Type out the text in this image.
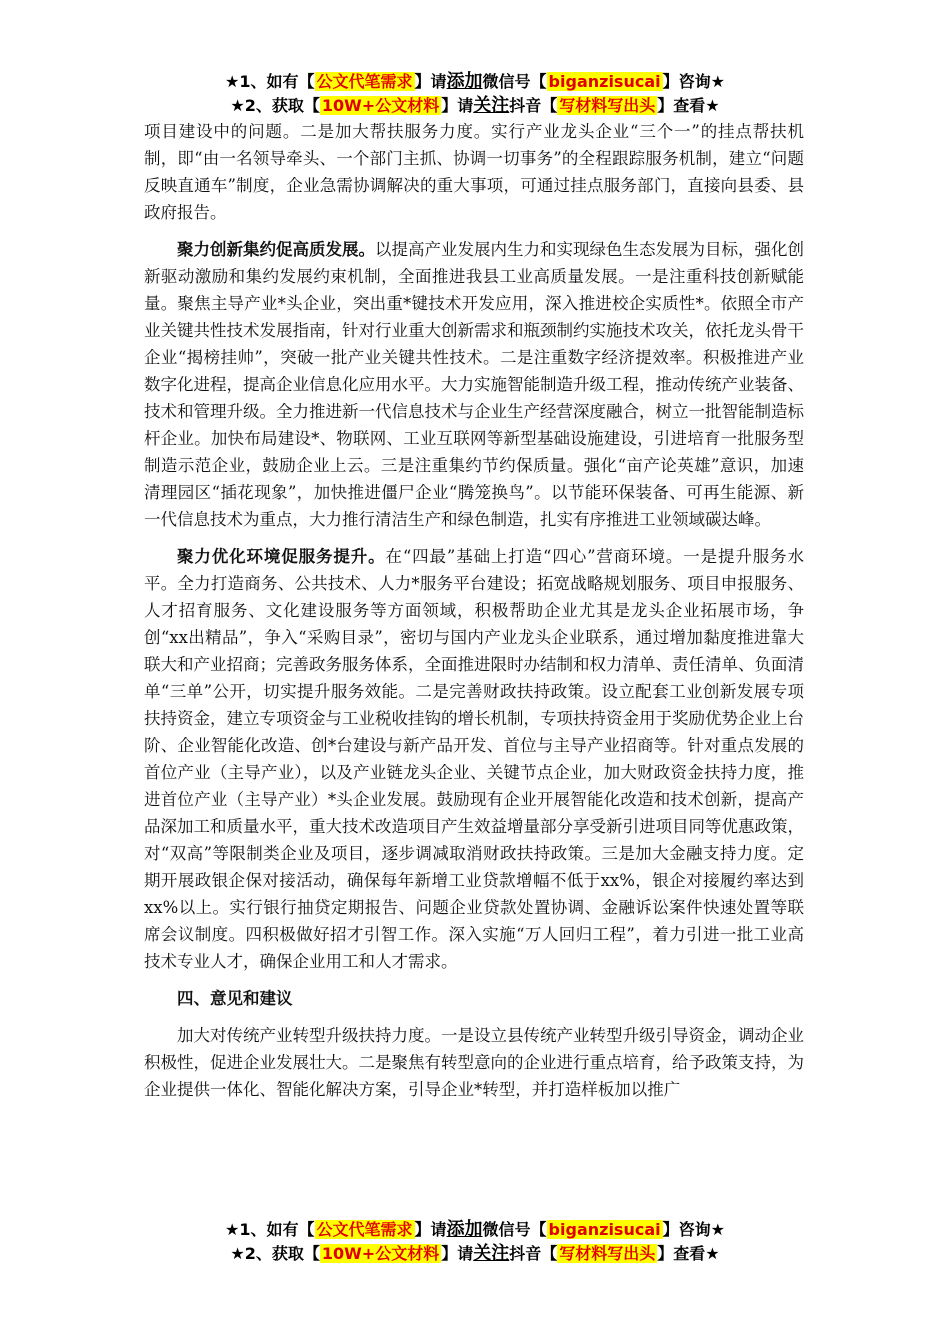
★1、如有【 公文代笔需求 】请添加微信号【 biganzisucai 】咨询★
★2、获取【 10W+公文材料 】请关注抖音【 写材料写出头 】查看★

项目建设中的问题。二是加大帮扶服务力度。实行产业龙头企业“三个一”的挂点帮扶机制，即“由一名领导牵头、一个部门主抓、协调一切事务”的全程跟踪服务机制，建立“问题反映直通车”制度，企业急需协调解决的重大事项，可通过挂点服务部门，直接向县委、县政府报告。

聚力创新集约促高质发展。以提高产业发展内生力和实现绿色生态发展为目标，强化创新驱动激励和集约发展约束机制，全面推进我县工业高质量发展。一是注重科技创新赋能量。聚焦主导产业*头企业，突出重*键技术开发应用，深入推进校企实质性*。依照全市产业关键共性技术发展指南，针对行业重大创新需求和瓶颈制约实施技术攻关，依托龙头骨干企业“揭榜挂帅”，突破一批产业关键共性技术。二是注重数字经济提效率。积极推进产业数字化进程，提高企业信息化应用水平。大力实施智能制造升级工程，推动传统产业装备、技术和管理升级。全力推进新一代信息技术与企业生产经营深度融合，树立一批智能制造标杆企业。加快布局建设*、物联网、工业互联网等新型基础设施建设，引进培育一批服务型制造示范企业，鼓励企业上云。三是注重集约节约保质量。强化“亩产论英雄”意识，加速清理园区“插花现象”，加快推进僵尸企业“腾笼换鸟”。以节能环保装备、可再生能源、新一代信息技术为重点，大力推行清洁生产和绿色制造，扎实有序推进工业领域碳达峰。

聚力优化环境促服务提升。在“四最”基础上打造“四心”营商环境。一是提升服务水平。全力打造商务、公共技术、人力*服务平台建设；拓宽战略规划服务、项目申报服务、人才招育服务、文化建设服务等方面领域，积极帮助企业尤其是龙头企业拓展市场，争创“xx出精品”，争入“采购目录”，密切与国内产业龙头企业联系，通过增加黏度推进靠大联大和产业招商；完善政务服务体系，全面推进限时办结制和权力清单、责任清单、负面清单“三单”公开，切实提升服务效能。二是完善财政扶持政策。设立配套工业创新发展专项扶持资金，建立专项资金与工业税收挂钩的增长机制，专项扶持资金用于奖励优势企业上台阶、企业智能化改造、创*台建设与新产品开发、首位与主导产业招商等。针对重点发展的首位产业（主导产业），以及产业链龙头企业、关键节点企业，加大财政资金扶持力度，推进首位产业（主导产业）*头企业发展。鼓励现有企业开展智能化改造和技术创新，提高产品深加工和质量水平，重大技术改造项目产生效益增量部分享受新引进项目同等优惠政策，对“双高”等限制类企业及项目，逐步调减取消财政扶持政策。三是加大金融支持力度。定期开展政银企保对接活动，确保每年新增工业贷款增幅不低于xx%，银企对接履约率达到xx%以上。实行银行抽贷定期报告、问题企业贷款处置协调、金融诉讼案件快速处置等联席会议制度。四积极做好招才引智工作。深入实施“万人回归工程”，着力引进一批工业高技术专业人才，确保企业用工和人才需求。

四、意见和建议

加大对传统产业转型升级扶持力度。一是设立县传统产业转型升级引导资金，调动企业积极性，促进企业发展壮大。二是聚焦有转型意向的企业进行重点培育，给予政策支持，为企业提供一体化、智能化解决方案，引导企业*转型，并打造样板加以推广

★1、如有【 公文代笔需求 】请添加微信号【 biganzisucai 】咨询★
★2、获取【 10W+公文材料 】请关注抖音【 写材料写出头 】查看★
